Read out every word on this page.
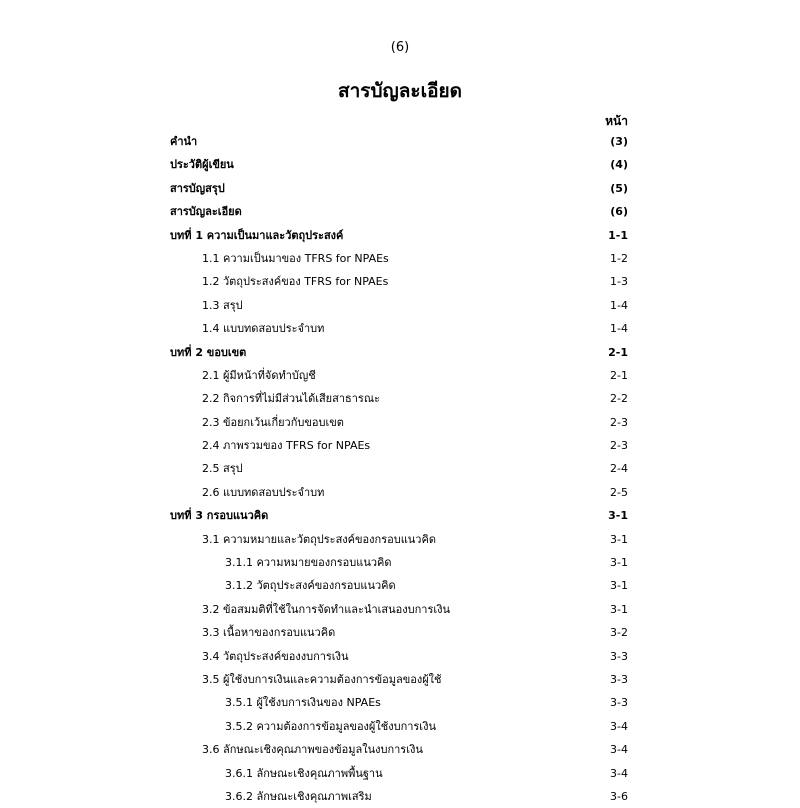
(6)
สารบัญละเอียด
หน้า
คำนำ	(3)
ประวัติผู้เขียน	(4)
สารบัญสรุป	(5)
สารบัญละเอียด	(6)
บทที่ 1 ความเป็นมาและวัตถุประสงค์	1-1
1.1 ความเป็นมาของ TFRS for NPAEs	1-2
1.2 วัตถุประสงค์ของ TFRS for NPAEs	1-3
1.3 สรุป	1-4
1.4 แบบทดสอบประจำบท	1-4
บทที่ 2 ขอบเขต	2-1
2.1 ผู้มีหน้าที่จัดทำบัญชี	2-1
2.2 กิจการที่ไม่มีส่วนได้เสียสาธารณะ	2-2
2.3 ข้อยกเว้นเกี่ยวกับขอบเขต	2-3
2.4 ภาพรวมของ TFRS for NPAEs	2-3
2.5 สรุป	2-4
2.6 แบบทดสอบประจำบท	2-5
บทที่ 3 กรอบแนวคิด	3-1
3.1 ความหมายและวัตถุประสงค์ของกรอบแนวคิด	3-1
3.1.1 ความหมายของกรอบแนวคิด	3-1
3.1.2 วัตถุประสงค์ของกรอบแนวคิด	3-1
3.2 ข้อสมมติที่ใช้ในการจัดทำและนำเสนองบการเงิน	3-1
3.3 เนื้อหาของกรอบแนวคิด	3-2
3.4 วัตถุประสงค์ของงบการเงิน	3-3
3.5 ผู้ใช้งบการเงินและความต้องการข้อมูลของผู้ใช้	3-3
3.5.1 ผู้ใช้งบการเงินของ NPAEs	3-3
3.5.2 ความต้องการข้อมูลของผู้ใช้งบการเงิน	3-4
3.6 ลักษณะเชิงคุณภาพของข้อมูลในงบการเงิน	3-4
3.6.1 ลักษณะเชิงคุณภาพพื้นฐาน	3-4
3.6.2 ลักษณะเชิงคุณภาพเสริม	3-6
